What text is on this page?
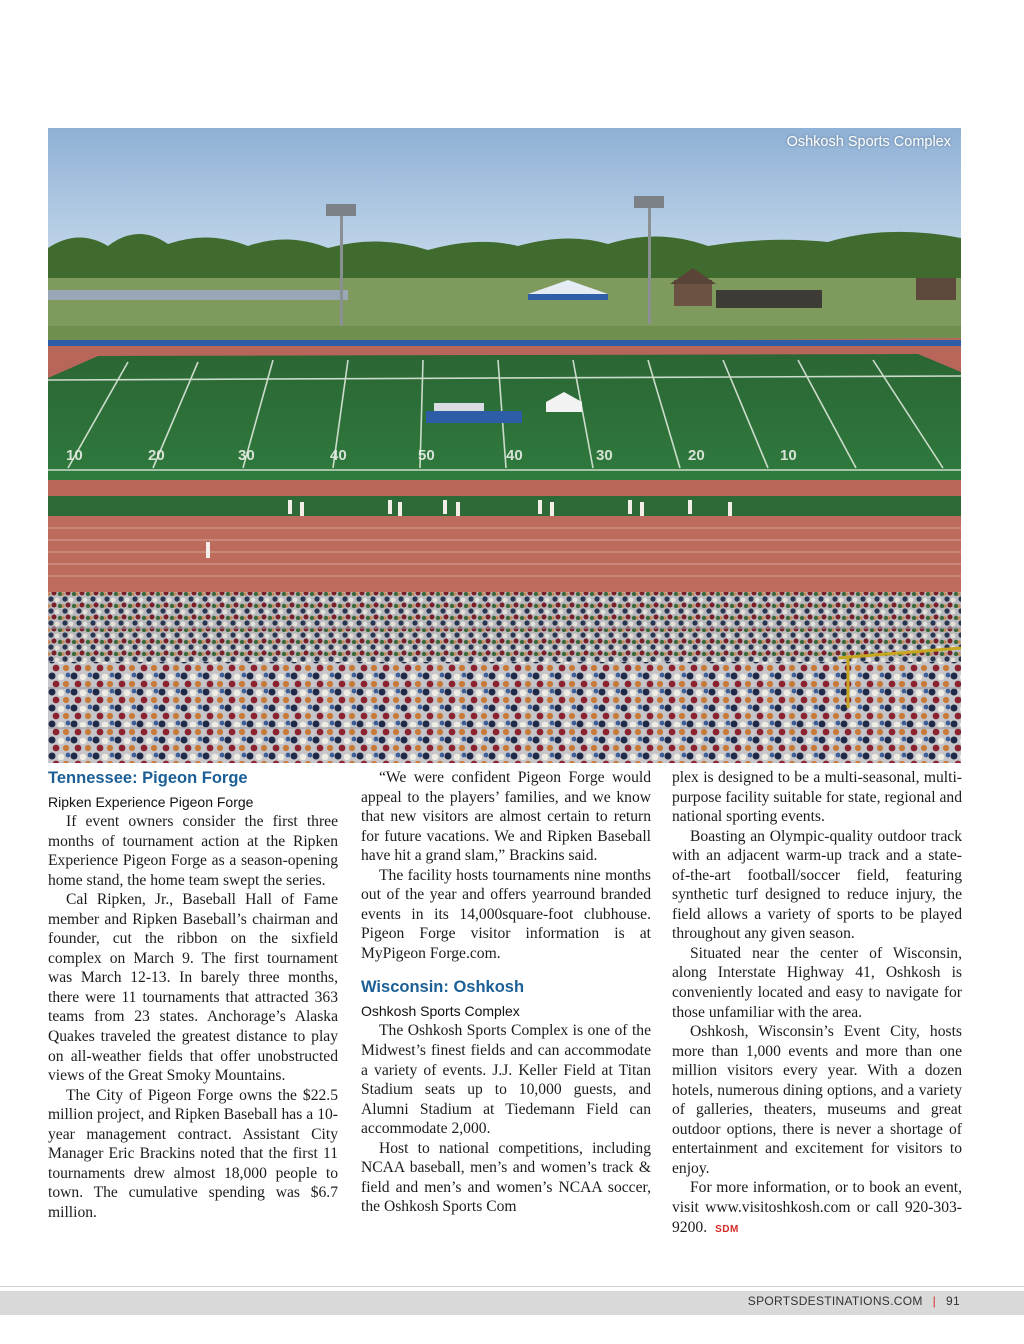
10	20	30	40	50	40	30	20	10
Oshkosh Sports Complex
Tennessee: Pigeon Forge
Ripken Experience Pigeon Forge

If event owners consider the first three months of tournament action at the Ripken Experience Pigeon Forge as a season-opening home stand, the home team swept the series.

Cal Ripken, Jr., Baseball Hall of Fame member and Ripken Baseball’s chairman and founder, cut the ribbon on the sixfield complex on March 9. The first tournament was March 12-13. In barely three months, there were 11 tournaments that attracted 363 teams from 23 states. Anchorage’s Alaska Quakes traveled the greatest distance to play on all-weather fields that offer unobstructed views of the Great Smoky Mountains.

The City of Pigeon Forge owns the $22.5 million project, and Ripken Baseball has a 10-year management contract. Assistant City Manager Eric Brackins noted that the first 11 tournaments drew almost 18,000 people to town. The cumulative spending was $6.7 million.

“We were confident Pigeon Forge would appeal to the players’ families, and we know that new visitors are almost certain to return for future vacations. We and Ripken Baseball have hit a grand slam,” Brackins said.

The facility hosts tournaments nine months out of the year and offers yearround branded events in its 14,000square-foot clubhouse. Pigeon Forge visitor information is at MyPigeon Forge.com.

Wisconsin: Oshkosh
Oshkosh Sports Complex

The Oshkosh Sports Complex is one of the Midwest’s finest fields and can accommodate a variety of events. J.J. Keller Field at Titan Stadium seats up to 10,000 guests, and Alumni Stadium at Tiedemann Field can accommodate 2,000.

Host to national competitions, including NCAA baseball, men’s and women’s track & field and men’s and women’s NCAA soccer, the Oshkosh Sports Com

plex is designed to be a multi-seasonal, multi-purpose facility suitable for state, regional and national sporting events.

Boasting an Olympic-quality outdoor track with an adjacent warm-up track and a state-of-the-art football/soccer field, featuring synthetic turf designed to reduce injury, the field allows a variety of sports to be played throughout any given season.

Situated near the center of Wisconsin, along Interstate Highway 41, Oshkosh is conveniently located and easy to navigate for those unfamiliar with the area.

Oshkosh, Wisconsin’s Event City, hosts more than 1,000 events and more than one million visitors every year. With a dozen hotels, numerous dining options, and a variety of galleries, theaters, museums and great outdoor options, there is never a shortage of entertainment and excitement for visitors to enjoy.

For more information, or to book an event, visit www.visitoshkosh.com or call 920-303-9200. SDM

SPORTSDESTINATIONS.COM | 91
